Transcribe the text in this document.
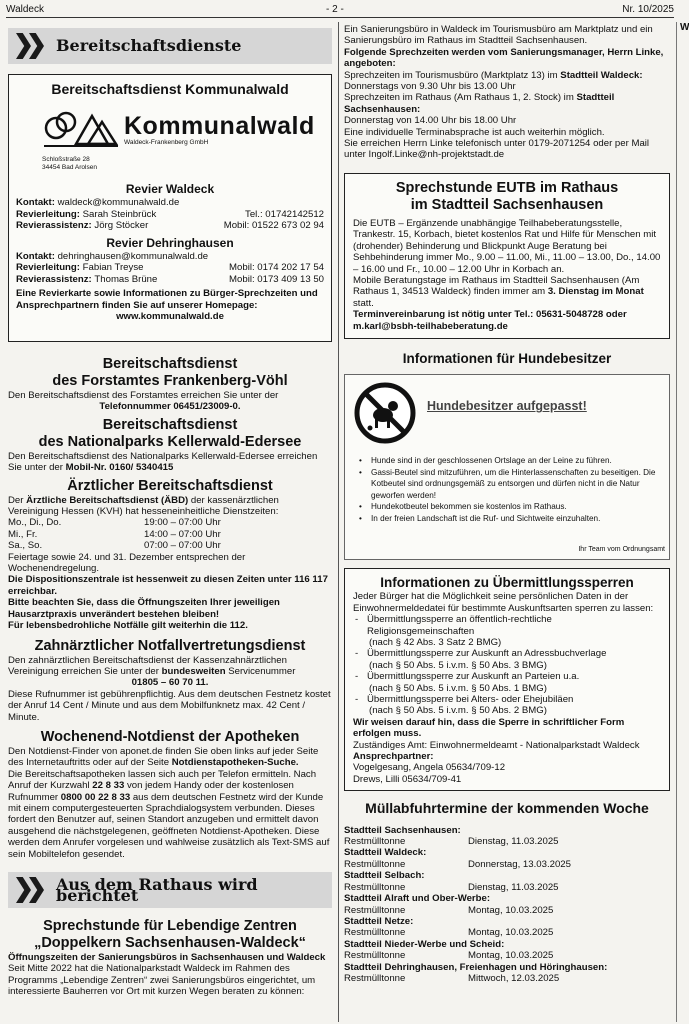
Waldeck	- 2 -	Nr. 10/2025
W
Bereitschaftsdienste
Bereitschaftsdienst Kommunalwald
Kommunalwald
Waldeck-Frankenberg GmbH
Schloßstraße 28
34454 Bad Arolsen
Revier Waldeck
Kontakt:
waldeck@kommunalwald.de
Revierleitung:
Sarah Steinbrück	Tel.: 01742142512
Revierassistenz:
Jörg Stöcker	Mobil: 01522 673 02 94
Revier Dehringhausen
Kontakt:
dehringhausen@kommunalwald.de
Revierleitung:
Fabian Treyse	Mobil: 0174 202 17 54
Revierassistenz:
Thomas Brüne	Mobil: 0173 409 13 50
Eine Revierkarte sowie Informationen zu Bürger-Sprechzeiten und
Ansprechpartnern finden Sie auf unserer Homepage:
www.kommunalwald.de
Bereitschaftsdienst
des Forstamtes Frankenberg-Vöhl
Den Bereitschaftsdienst des Forstamtes erreichen Sie unter der
Telefonnummer 06451/23009-0.
Bereitschaftsdienst
des Nationalparks Kellerwald-Edersee
Den Bereitschaftsdienst des Nationalparks Kellerwald-Edersee erreichen Sie unter der Mobil-Nr. 0160/ 5340415
Ärztlicher Bereitschaftsdienst
Der Ärztliche Bereitschaftsdienst (ÄBD) der kassenärztlichen Vereinigung Hessen (KVH) hat hesseneinheitliche Dienstzeiten:
Mo., Di., Do.	19:00 – 07:00 Uhr
Mi., Fr.	14:00 – 07:00 Uhr
Sa., So.	07:00 – 07:00 Uhr
Feiertage sowie 24. und 31. Dezember entsprechen der Wochenendregelung.
Die Dispositionszentrale ist hessenweit zu diesen Zeiten unter 116 117 erreichbar.
Bitte beachten Sie, dass die Öffnungszeiten Ihrer jeweiligen Hausarztpraxis unverändert bestehen bleiben!
Für lebensbedrohliche Notfälle gilt weiterhin die 112.
Zahnärztlicher Notfallvertretungsdienst
Den zahnärztlichen Bereitschaftsdienst der Kassenzahnärztlichen Vereinigung erreichen Sie unter der bundesweiten Servicenummer
01805 – 60 70 11.
Diese Rufnummer ist gebührenpflichtig. Aus dem deutschen Festnetz kostet der Anruf 14 Cent / Minute und aus dem Mobilfunknetz max. 42 Cent / Minute.
Wochenend-Notdienst der Apotheken
Den Notdienst-Finder von aponet.de finden Sie oben links auf jeder Seite des Internetauftritts oder auf der Seite Notdienstapotheken-Suche.
Die Bereitschaftsapotheken lassen sich auch per Telefon ermitteln. Nach Anruf der Kurzwahl 22 8 33 von jedem Handy oder der kostenlosen Rufnummer 0800 00 22 8 33 aus dem deutschen Festnetz wird der Kunde mit einem computergesteuerten Sprachdialogsystem verbunden. Dieses fordert den Benutzer auf, seinen Standort anzugeben und ermittelt davon ausgehend die nächstgelegenen, geöffneten Notdienst-Apotheken. Diese werden dem Anrufer vorgelesen und wahlweise zusätzlich als Text-SMS auf sein Mobiltelefon gesendet.
Aus dem Rathaus wird berichtet
Sprechstunde für Lebendige Zentren „Doppelkern Sachsenhausen-Waldeck“
Öffnungszeiten der Sanierungsbüros in Sachsenhausen und Waldeck
Seit Mitte 2022 hat die Nationalparkstadt Waldeck im Rahmen des Programms „Lebendige Zentren“ zwei Sanierungsbüros eingerichtet, um interessierte Bauherren vor Ort mit kurzen Wegen beraten zu können:
Ein Sanierungsbüro in Waldeck im Tourismusbüro am Marktplatz und ein Sanierungsbüro im Rathaus im Stadtteil Sachsenhausen.
Folgende Sprechzeiten werden vom Sanierungsmanager, Herrn Linke, angeboten:
Sprechzeiten im Tourismusbüro (Marktplatz 13) im Stadtteil Waldeck:
Donnerstags von 9.30 Uhr bis 13.00 Uhr
Sprechzeiten im Rathaus (Am Rathaus 1, 2. Stock) im Stadtteil Sachsenhausen:
Donnerstag von 14.00 Uhr bis 18.00 Uhr
Eine individuelle Terminabsprache ist auch weiterhin möglich.
Sie erreichen Herrn Linke telefonisch unter 0179-2071254 oder per Mail unter Ingolf.Linke@nh-projektstadt.de
Sprechstunde EUTB im Rathaus
im Stadtteil Sachsenhausen
Die EUTB – Ergänzende unabhängige Teilhabeberatungsstelle, Trankestr. 15, Korbach, bietet kostenlos Rat und Hilfe für Menschen mit (drohender) Behinderung und Blickpunkt Auge Beratung bei Sehbehinderung immer Mo., 9.00 – 11.00, Mi., 11.00 – 13.00, Do., 14.00 – 16.00 und Fr., 10.00 – 12.00 Uhr in Korbach an.
Mobile Beratungstage im Rathaus im Stadtteil Sachsenhausen (Am Rathaus 1, 34513 Waldeck) finden immer am 3. Dienstag im Monat statt.
Terminvereinbarung ist nötig unter Tel.: 05631-5048728 oder m.karl@bsbh-teilhabeberatung.de
Informationen für Hundebesitzer
Hundebesitzer aufgepasst!
• Hunde sind in der geschlossenen Ortslage an der Leine zu führen.
• Gassi-Beutel sind mitzuführen, um die Hinterlassenschaften zu beseitigen. Die Kotbeutel sind ordnungsgemäß zu entsorgen und dürfen nicht in die Natur geworfen werden!
• Hundekotbeutel bekommen sie kostenlos im Rathaus.
• In der freien Landschaft ist die Ruf- und Sichtweite einzuhalten.
Ihr Team vom Ordnungsamt
Informationen zu Übermittlungssperren
Jeder Bürger hat die Möglichkeit seine persönlichen Daten in der Einwohnermeldedatei für bestimmte Auskunftsarten sperren zu lassen:
- Übermittlungssperre an öffentlich-rechtliche Religionsgemeinschaften
(nach § 42 Abs. 3 Satz 2 BMG)
- Übermittlungssperre zur Auskunft an Adressbuchverlage
(nach § 50 Abs. 5 i.v.m. § 50 Abs. 3 BMG)
- Übermittlungssperre zur Auskunft an Parteien u.a.
(nach § 50 Abs. 5 i.v.m. § 50 Abs. 1 BMG)
- Übermittlungssperre bei Alters- oder Ehejubiläen
(nach § 50 Abs. 5 i.v.m. § 50 Abs. 2 BMG)
Wir weisen darauf hin, dass die Sperre in schriftlicher Form erfolgen muss.
Zuständiges Amt: Einwohnermeldeamt - Nationalparkstadt Waldeck
Ansprechpartner:
Vogelgesang, Angela 05634/709-12
Drews, Lilli 05634/709-41
Müllabfuhrtermine der kommenden Woche
Stadtteil Sachsenhausen:
Restmülltonne	Dienstag, 11.03.2025
Stadtteil Waldeck:
Restmülltonne	Donnerstag, 13.03.2025
Stadtteil Selbach:
Restmülltonne	Dienstag, 11.03.2025
Stadtteil Alraft und Ober-Werbe:
Restmülltonne	Montag, 10.03.2025
Stadtteil Netze:
Restmülltonne	Montag, 10.03.2025
Stadtteil Nieder-Werbe und Scheid:
Restmülltonne	Montag, 10.03.2025
Stadtteil Dehringhausen, Freienhagen und Höringhausen:
Restmülltonne	Mittwoch, 12.03.2025
